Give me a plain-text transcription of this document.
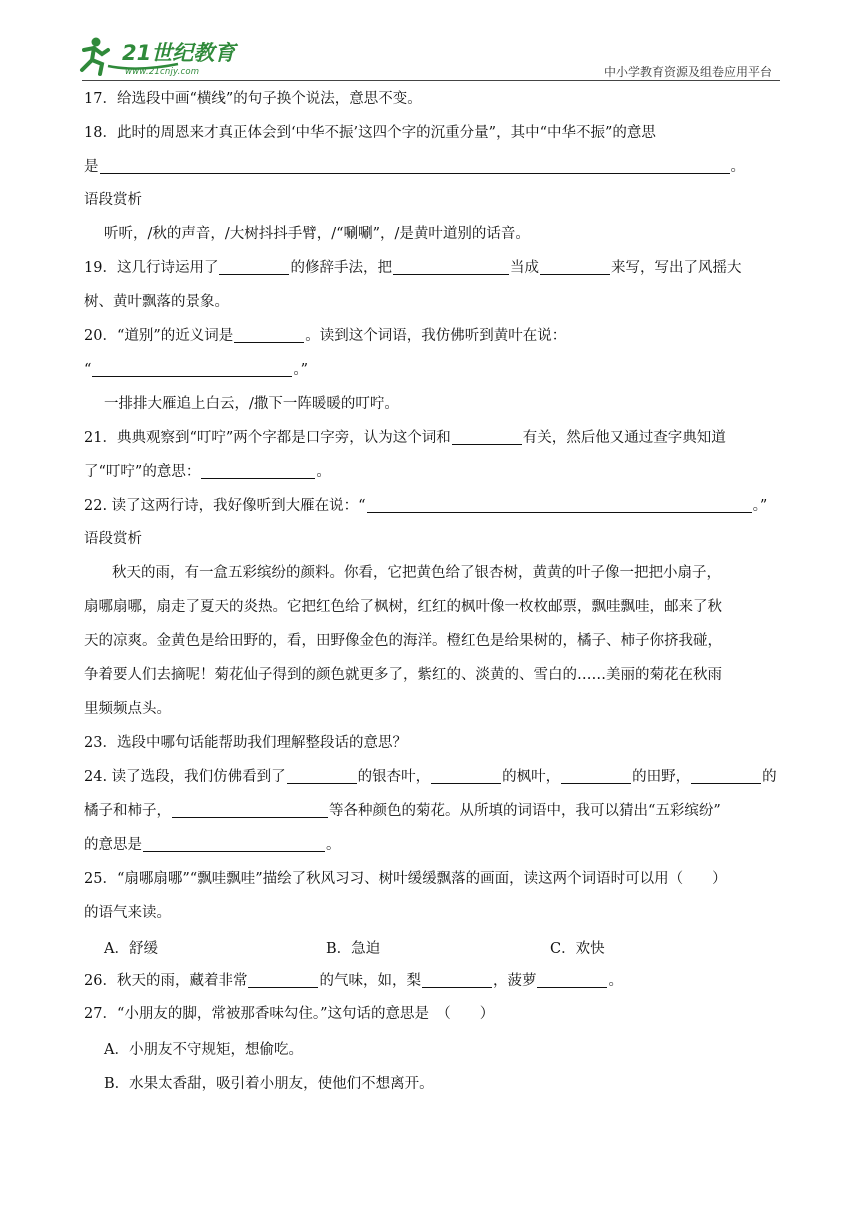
21世纪教育
www.21cnjy.com	中小学教育资源及组卷应用平台
17．给选段中画“横线”的句子换个说法，意思不变。
18．此时的周恩来才真正体会到‘中华不振’这四个字的沉重分量”，其中“中华不振”的意思
是	。
语段赏析
听听，/秋的声音，/大树抖抖手臂，/“唰唰”，/是黄叶道别的话音。
19．这几行诗运用了	的修辞手法，把	当成	来写，写出了风摇大
树、黄叶飘落的景象。
20．“道别”的近义词是	。读到这个词语，我仿佛听到黄叶在说：
“	。”
一排排大雁追上白云，/撒下一阵暖暖的叮咛。
21．典典观察到“叮咛”两个字都是口字旁，认为这个词和	有关，然后他又通过查字典知道
了“叮咛”的意思：	。
22. 读了这两行诗，我好像听到大雁在说：“	。”
语段赏析
秋天的雨，有一盒五彩缤纷的颜料。你看，它把黄色给了银杏树，黄黄的叶子像一把把小扇子，
扇哪扇哪，扇走了夏天的炎热。它把红色给了枫树，红红的枫叶像一枚枚邮票，飘哇飘哇，邮来了秋
天的凉爽。金黄色是给田野的，看，田野像金色的海洋。橙红色是给果树的，橘子、柿子你挤我碰，
争着要人们去摘呢！菊花仙子得到的颜色就更多了，紫红的、淡黄的、雪白的……美丽的菊花在秋雨
里频频点头。
23．选段中哪句话能帮助我们理解整段话的意思？
24. 读了选段，我们仿佛看到了	的银杏叶，	的枫叶，	的田野，	的
橘子和柿子，	等各种颜色的菊花。从所填的词语中，我可以猜出“五彩缤纷”
的意思是	。
25．“扇哪扇哪”“飘哇飘哇”描绘了秋风习习、树叶缓缓飘落的画面，读这两个词语时可以用（　　）
的语气来读。
A．舒缓	B．急迫	C．欢快
26．秋天的雨，藏着非常	的气味，如，梨	，菠萝	。
27．“小朋友的脚，常被那香味勾住。”这句话的意思是　（　　）
A．小朋友不守规矩，想偷吃。
B．水果太香甜，吸引着小朋友，使他们不想离开。
